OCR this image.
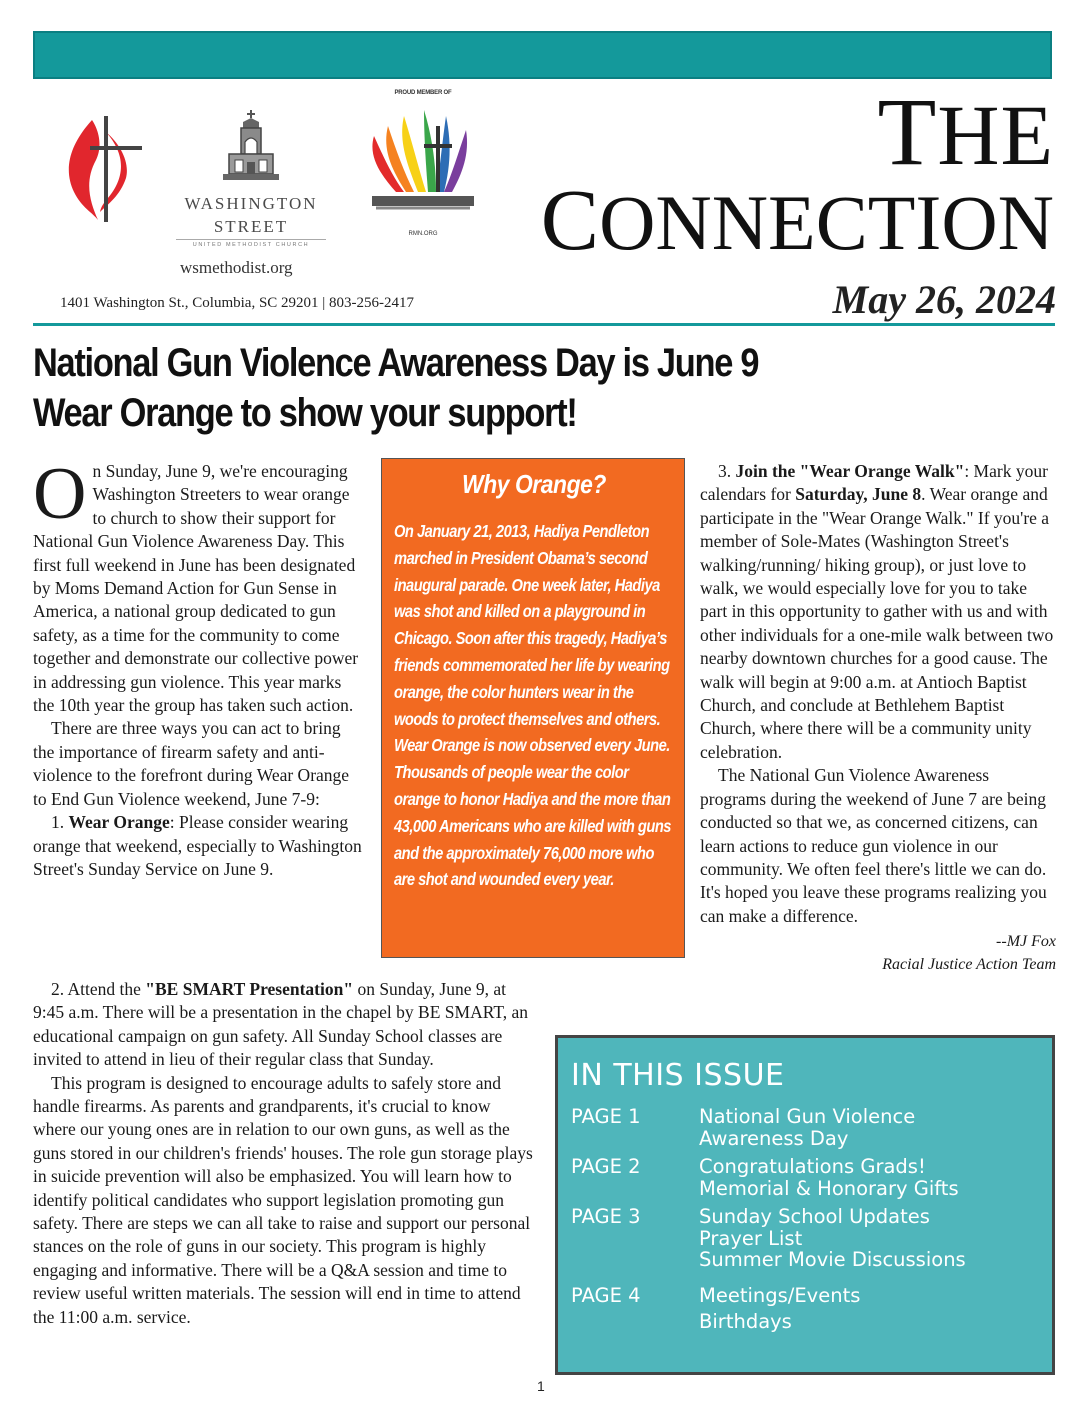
WASHINGTON
STREET
UNITED METHODIST CHURCH
wsmethodist.org
PROUD MEMBER OF
RMN.ORG
THE
CONNECTION
1401 Washington St., Columbia, SC 29201 | 803-256-2417	May 26, 2024
National Gun Violence Awareness Day is June 9
Wear Orange to show your support!

On Sunday, June 9, we're encouraging Washington Streeters to wear orange to church to show their support for National Gun Violence Awareness Day. This first full weekend in June has been designated by Moms Demand Action for Gun Sense in America, a national group dedicated to gun safety, as a time for the community to come together and demonstrate our collective power in addressing gun violence. This year marks the 10th year the group has taken such action.

There are three ways you can act to bring the importance of firearm safety and anti-violence to the forefront during Wear Orange to End Gun Violence weekend, June 7-9:

1. Wear Orange: Please consider wearing orange that weekend, especially to Washington Street's Sunday Service on June 9.

2. Attend the "BE SMART Presentation" on Sunday, June 9, at 9:45 a.m. There will be a presentation in the chapel by BE SMART, an educational campaign on gun safety. All Sunday School classes are invited to attend in lieu of their regular class that Sunday.

This program is designed to encourage adults to safely store and handle firearms. As parents and grandparents, it's crucial to know where our young ones are in relation to our own guns, as well as the guns stored in our children's friends' houses. The role gun storage plays in suicide prevention will also be emphasized. You will learn how to identify political candidates who support legislation promoting gun safety. There are steps we can all take to raise and support our personal stances on the role of guns in our society. This program is highly engaging and informative. There will be a Q&A session and time to review useful written materials. The session will end in time to attend the 11:00 a.m. service.

Why Orange?
On January 21, 2013, Hadiya Pendleton marched in President Obama’s second inaugural parade. One week later, Hadiya was shot and killed on a playground in Chicago. Soon after this tragedy, Hadiya’s friends commemorated her life by wearing orange, the color hunters wear in the woods to protect themselves and others. Wear Orange is now observed every June. Thousands of people wear the color orange to honor Hadiya and the more than 43,000 Americans who are killed with guns and the approximately 76,000 more who are shot and wounded every year.

3. Join the "Wear Orange Walk": Mark your calendars for Saturday, June 8. Wear orange and participate in the "Wear Orange Walk." If you're a member of Sole-Mates (Washington Street's walking/running/ hiking group), or just love to walk, we would especially love for you to take part in this opportunity to gather with us and with other individuals for a one-mile walk between two nearby downtown churches for a good cause. The walk will begin at 9:00 a.m. at Antioch Baptist Church, and conclude at Bethlehem Baptist Church, where there will be a community unity celebration.

The National Gun Violence Awareness programs during the weekend of June 7 are being conducted so that we, as concerned citizens, can learn actions to reduce gun violence in our community. We often feel there's little we can do. It's hoped you leave these programs realizing you can make a difference.

--MJ Fox
Racial Justice Action Team
IN THIS ISSUE
PAGE 1	National Gun Violence
Awareness Day
PAGE 2	Congratulations Grads!
Memorial & Honorary Gifts
PAGE 3	Sunday School Updates
Prayer List
Summer Movie Discussions
PAGE 4	Meetings/Events
Birthdays
1
